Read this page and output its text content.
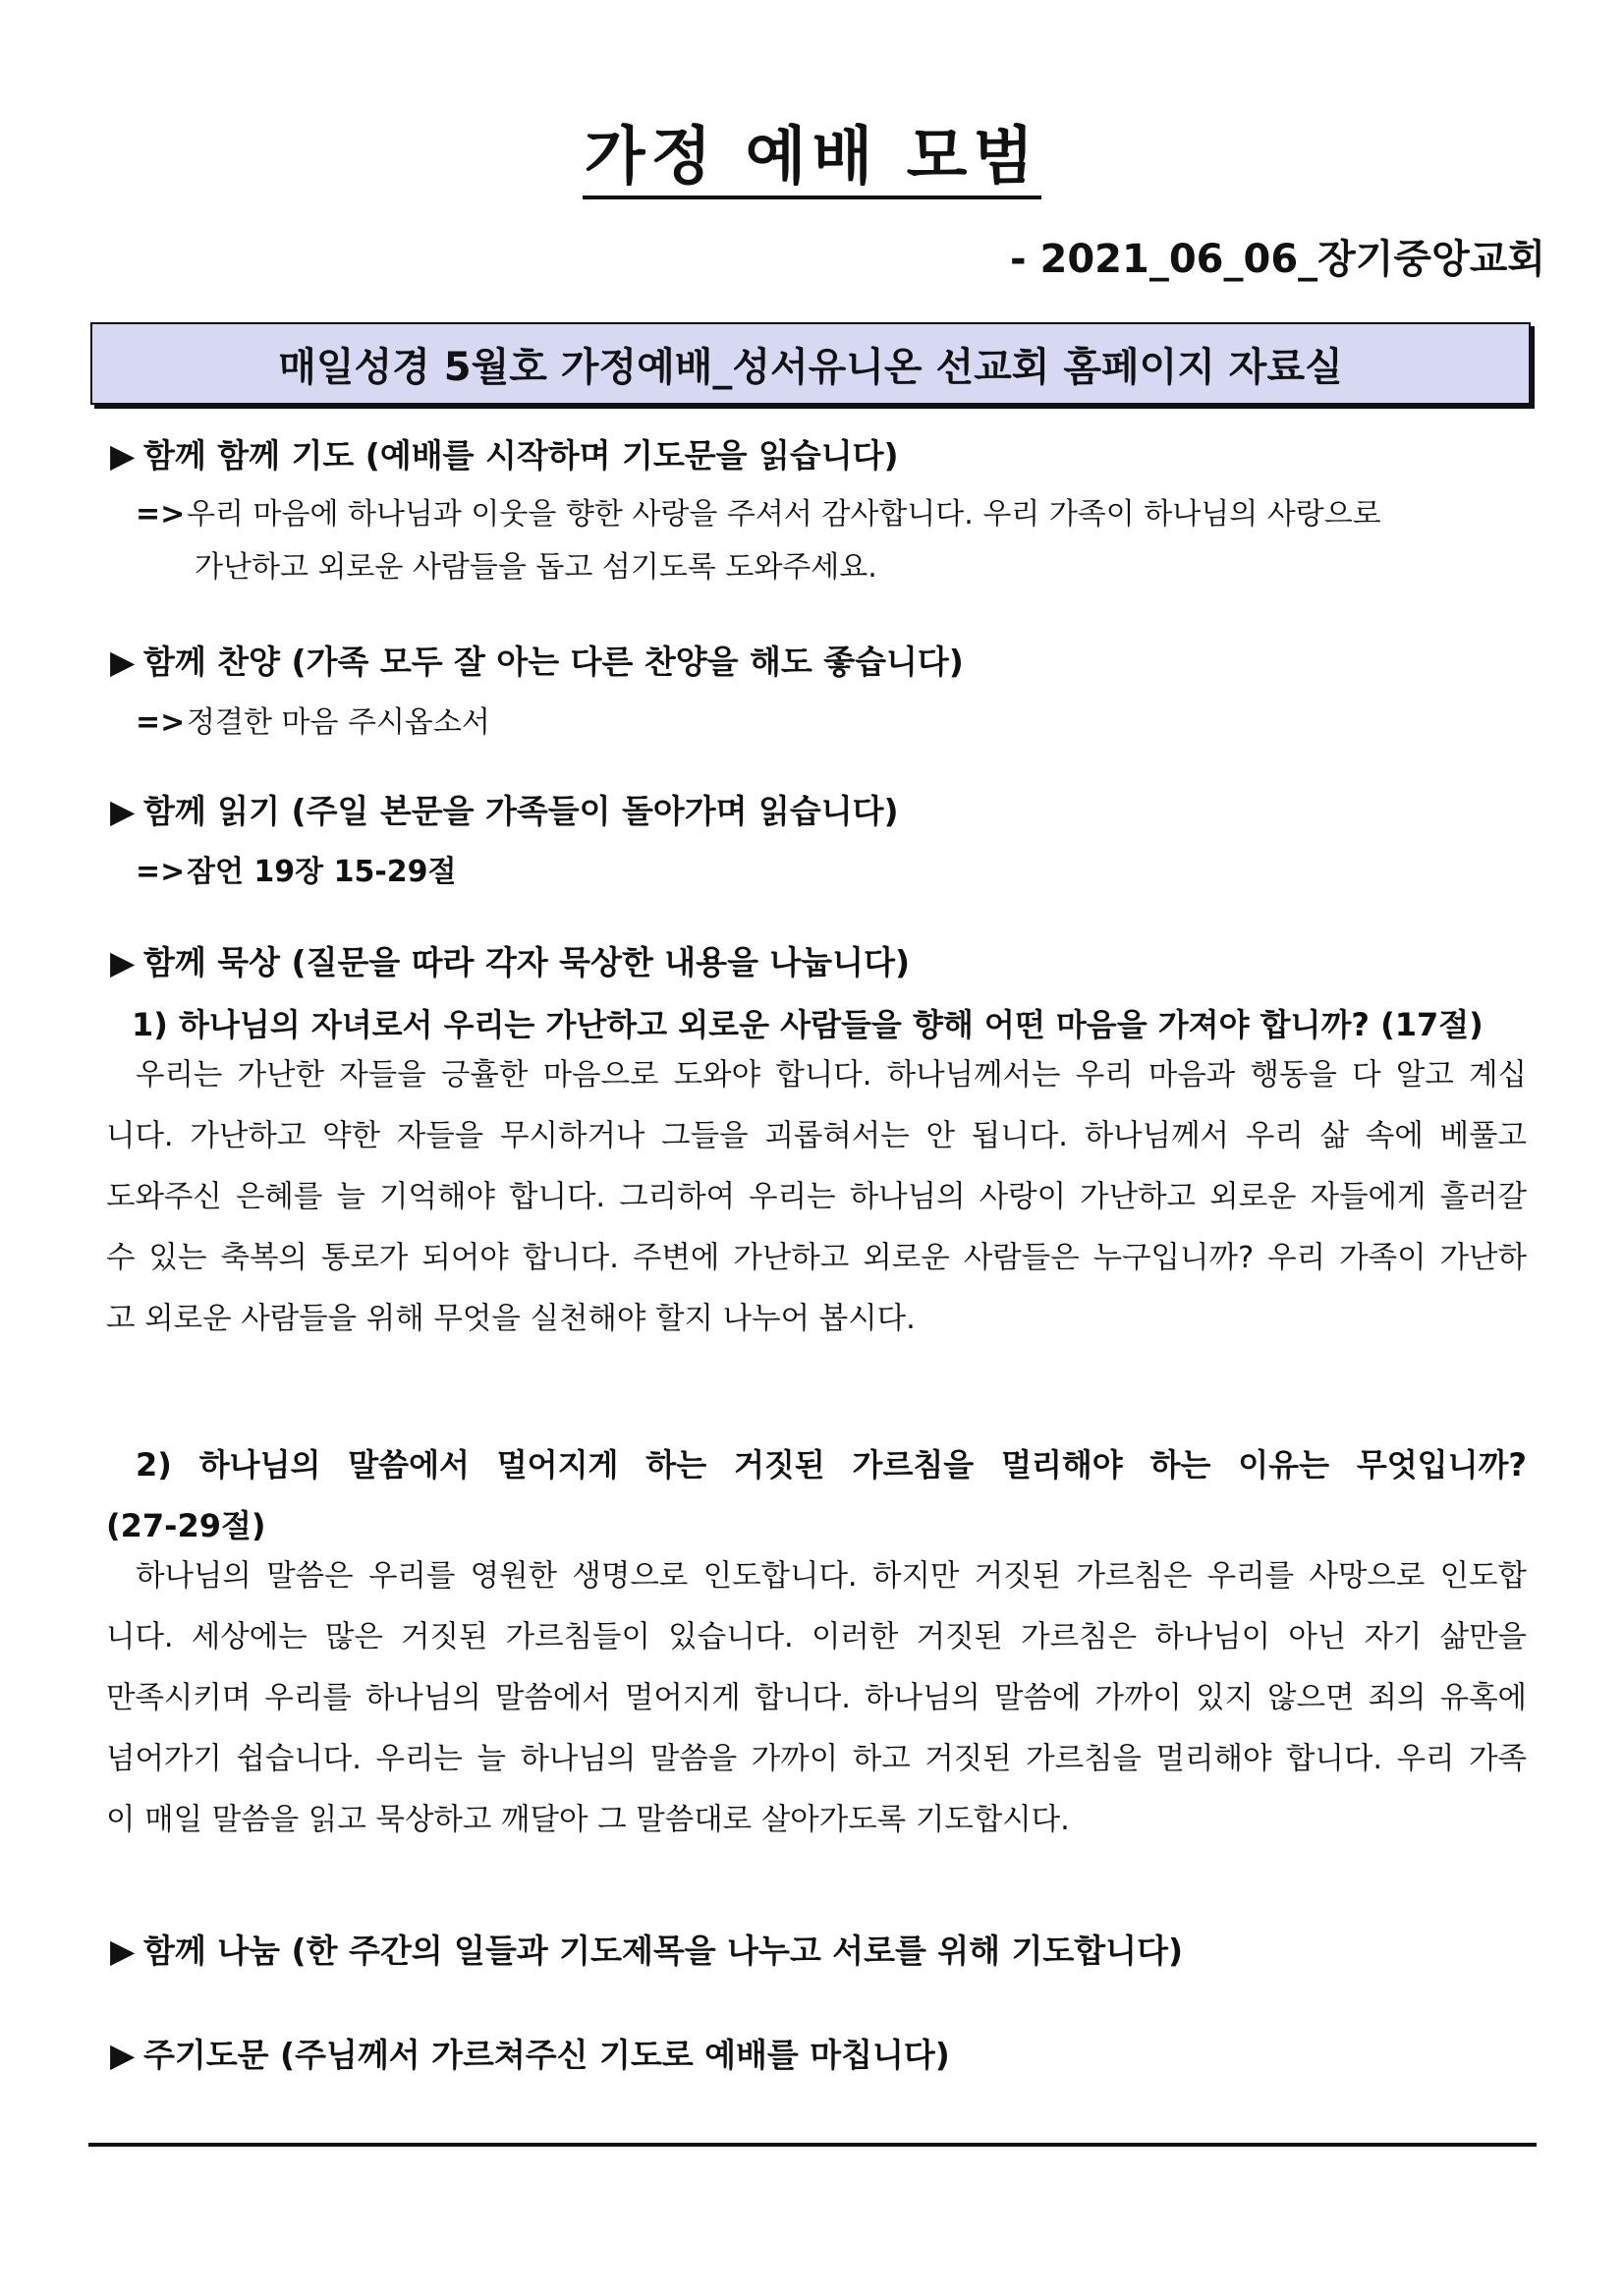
가정 예배 모범
- 2021_06_06_장기중앙교회
매일성경 5월호 가정예배_성서유니온 선교회 홈페이지 자료실
▶ 함께 함께 기도 (예배를 시작하며 기도문을 읽습니다)
=>우리 마음에 하나님과 이웃을 향한 사랑을 주셔서 감사합니다. 우리 가족이 하나님의 사랑으로
가난하고 외로운 사람들을 돕고 섬기도록 도와주세요.
▶ 함께 찬양 (가족 모두 잘 아는 다른 찬양을 해도 좋습니다)
=>정결한 마음 주시옵소서
▶ 함께 읽기 (주일 본문을 가족들이 돌아가며 읽습니다)
=>잠언 19장 15-29절
▶ 함께 묵상 (질문을 따라 각자 묵상한 내용을 나눕니다)
1) 하나님의 자녀로서 우리는 가난하고 외로운 사람들을 향해 어떤 마음을 가져야 합니까? (17절)
우리는 가난한 자들을 긍휼한 마음으로 도와야 합니다. 하나님께서는 우리 마음과 행동을 다 알고 계십
니다. 가난하고 약한 자들을 무시하거나 그들을 괴롭혀서는 안 됩니다. 하나님께서 우리 삶 속에 베풀고
도와주신 은혜를 늘 기억해야 합니다. 그리하여 우리는 하나님의 사랑이 가난하고 외로운 자들에게 흘러갈
수 있는 축복의 통로가 되어야 합니다. 주변에 가난하고 외로운 사람들은 누구입니까? 우리 가족이 가난하
고 외로운 사람들을 위해 무엇을 실천해야 할지 나누어 봅시다.
2) 하나님의 말씀에서 멀어지게 하는 거짓된 가르침을 멀리해야 하는 이유는 무엇입니까?
(27-29절)
하나님의 말씀은 우리를 영원한 생명으로 인도합니다. 하지만 거짓된 가르침은 우리를 사망으로 인도합
니다. 세상에는 많은 거짓된 가르침들이 있습니다. 이러한 거짓된 가르침은 하나님이 아닌 자기 삶만을
만족시키며 우리를 하나님의 말씀에서 멀어지게 합니다. 하나님의 말씀에 가까이 있지 않으면 죄의 유혹에
넘어가기 쉽습니다. 우리는 늘 하나님의 말씀을 가까이 하고 거짓된 가르침을 멀리해야 합니다. 우리 가족
이 매일 말씀을 읽고 묵상하고 깨달아 그 말씀대로 살아가도록 기도합시다.
▶ 함께 나눔 (한 주간의 일들과 기도제목을 나누고 서로를 위해 기도합니다)
▶ 주기도문 (주님께서 가르쳐주신 기도로 예배를 마칩니다)
